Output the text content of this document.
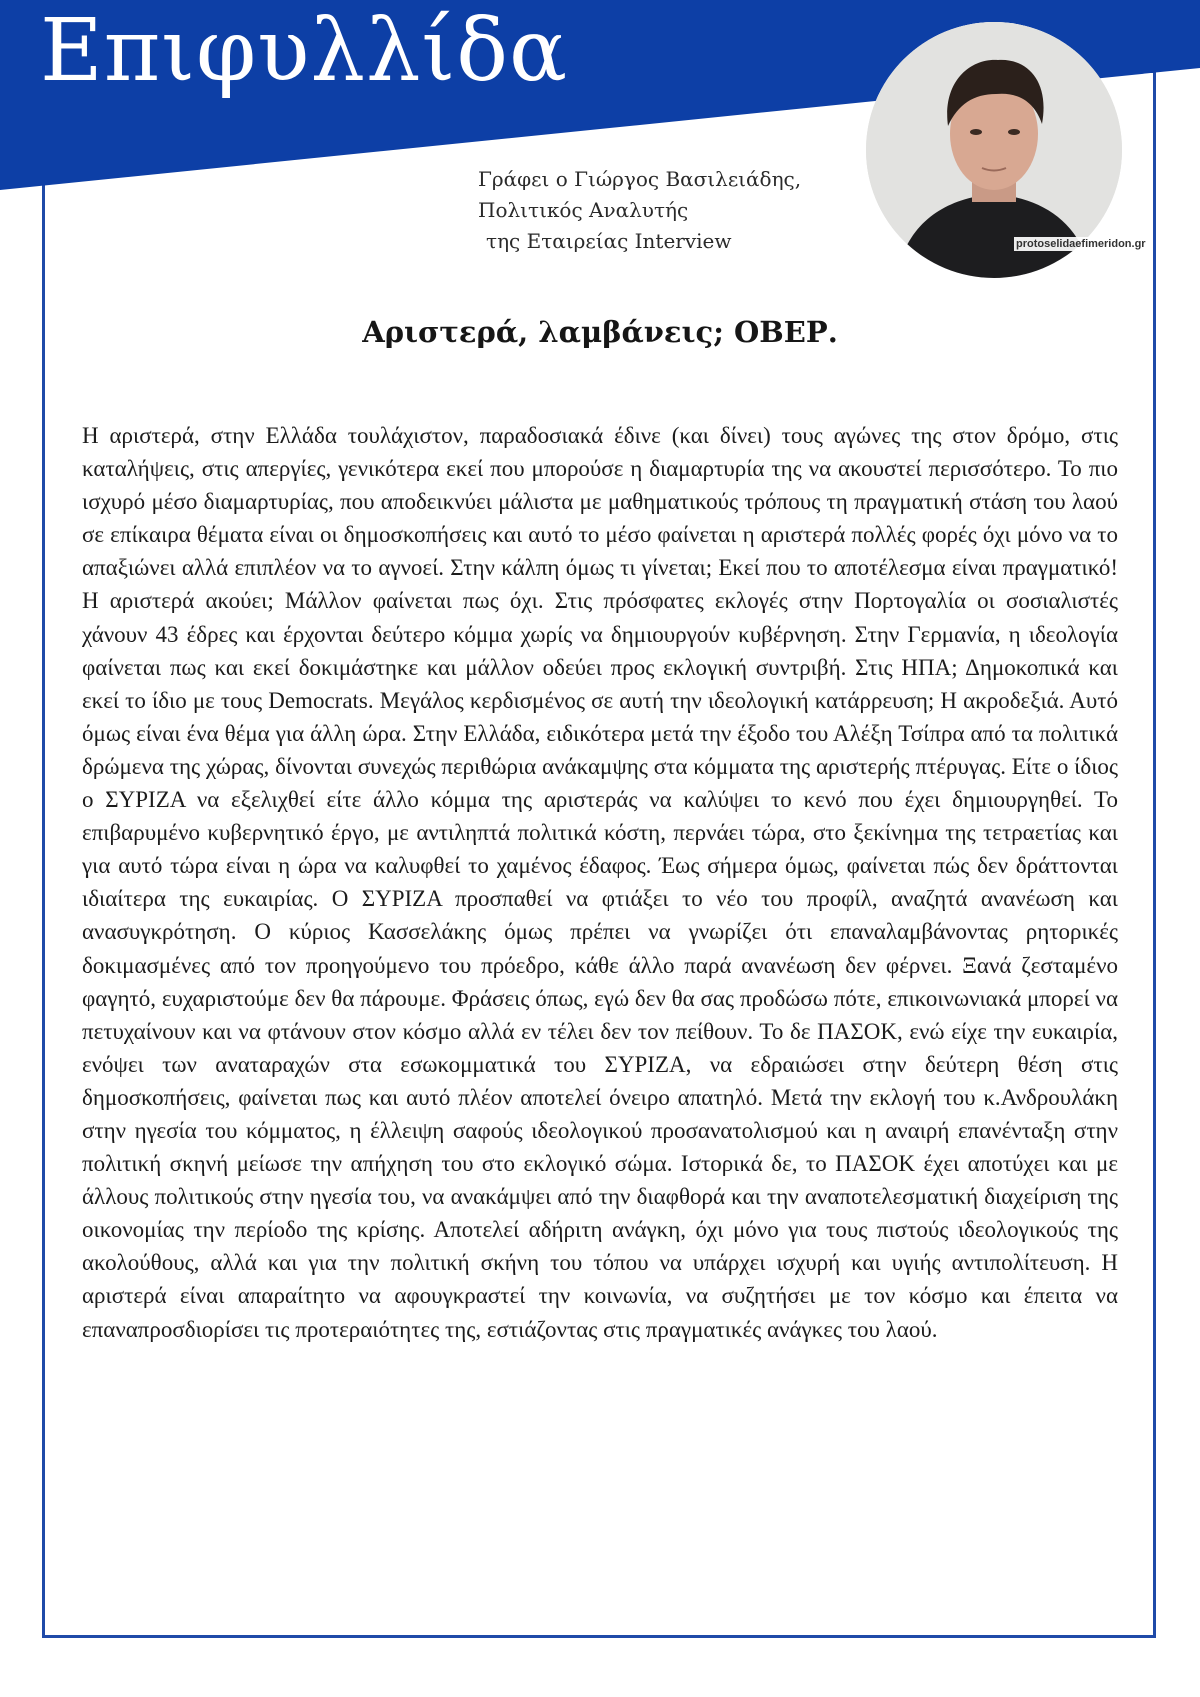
Επιφυλλίδα
protoselidaefimeridon.gr
Γράφει ο Γιώργος Βασιλειάδης,
Πολιτικός Αναλυτής
της Εταιρείας Interview
Αριστερά, λαμβάνεις; ΟΒΕΡ.

Η αριστερά, στην Ελλάδα τουλάχιστον, παραδοσιακά έδινε (και δίνει) τους αγώνες της στον δρόμο, στις καταλήψεις, στις απεργίες, γενικότερα εκεί που μπορούσε η διαμαρτυρία της να ακουστεί περισσότερο. Το πιο ισχυρό μέσο διαμαρτυρίας, που αποδεικνύει μάλιστα με μαθηματικούς τρόπους τη πραγματική στάση του λαού σε επίκαιρα θέματα είναι οι δημοσκοπήσεις και αυτό το μέσο φαίνεται η αριστερά πολλές φορές όχι μόνο να το απαξιώνει αλλά επιπλέον να το αγνοεί. Στην κάλπη όμως τι γίνεται; Εκεί που το αποτέλεσμα είναι πραγματικό! Η αριστερά ακούει; Μάλλον φαίνεται πως όχι. Στις πρόσφατες εκλογές στην Πορτογαλία οι σοσιαλιστές χάνουν 43 έδρες και έρχονται δεύτερο κόμμα χωρίς να δημιουργούν κυβέρνηση. Στην Γερμανία, η ιδεολογία φαίνεται πως και εκεί δοκιμάστηκε και μάλλον οδεύει προς εκλογική συντριβή. Στις ΗΠΑ; Δημοκοπικά και εκεί το ίδιο με τους Democrats. Μεγάλος κερδισμένος σε αυτή την ιδεολογική κατάρρευση; Η ακροδεξιά. Αυτό όμως είναι ένα θέμα για άλλη ώρα. Στην Ελλάδα, ειδικότερα μετά την έξοδο του Αλέξη Τσίπρα από τα πολιτικά δρώμενα της χώρας, δίνονται συνεχώς περιθώρια ανάκαμψης στα κόμματα της αριστερής πτέρυγας. Είτε ο ίδιος ο ΣΥΡΙΖΑ να εξελιχθεί είτε άλλο κόμμα της αριστεράς να καλύψει το κενό που έχει δημιουργηθεί. Το επιβαρυμένο κυβερνητικό έργο, με αντιληπτά πολιτικά κόστη, περνάει τώρα, στο ξεκίνημα της τετραετίας και για αυτό τώρα είναι η ώρα να καλυφθεί το χαμένος έδαφος. Έως σήμερα όμως, φαίνεται πώς δεν δράττονται ιδιαίτερα της ευκαιρίας. Ο ΣΥΡΙΖΑ προσπαθεί να φτιάξει το νέο του προφίλ, αναζητά ανανέωση και ανασυγκρότηση. Ο κύριος Κασσελάκης όμως πρέπει να γνωρίζει ότι επαναλαμβάνοντας ρητορικές δοκιμασμένες από τον προηγούμενο του πρόεδρο, κάθε άλλο παρά ανανέωση δεν φέρνει. Ξανά ζεσταμένο φαγητό, ευχαριστούμε δεν θα πάρουμε. Φράσεις όπως, εγώ δεν θα σας προδώσω πότε, επικοινωνιακά μπορεί να πετυχαίνουν και να φτάνουν στον κόσμο αλλά εν τέλει δεν τον πείθουν. Το δε ΠΑΣΟΚ, ενώ είχε την ευκαιρία, ενόψει των αναταραχών στα εσωκομματικά του ΣΥΡΙΖΑ, να εδραιώσει στην δεύτερη θέση στις δημοσκοπήσεις, φαίνεται πως και αυτό πλέον αποτελεί όνειρο απατηλό. Μετά την εκλογή του κ.Ανδρουλάκη στην ηγεσία του κόμματος, η έλλειψη σαφούς ιδεολογικού προσανατολισμού και η αναιρή επανένταξη στην πολιτική σκηνή μείωσε την απήχηση του στο εκλογικό σώμα. Ιστορικά δε, το ΠΑΣΟΚ έχει αποτύχει και με άλλους πολιτικούς στην ηγεσία του, να ανακάμψει από την διαφθορά και την αναποτελεσματική διαχείριση της οικονομίας την περίοδο της κρίσης. Αποτελεί αδήριτη ανάγκη, όχι μόνο για τους πιστούς ιδεολογικούς της ακολούθους, αλλά και για την πολιτική σκήνη του τόπου να υπάρχει ισχυρή και υγιής αντιπολίτευση. Η αριστερά είναι απαραίτητο να αφουγκραστεί την κοινωνία, να συζητήσει με τον κόσμο και έπειτα να επαναπροσδιορίσει τις προτεραιότητες της, εστιάζοντας στις πραγματικές ανάγκες του λαού.
